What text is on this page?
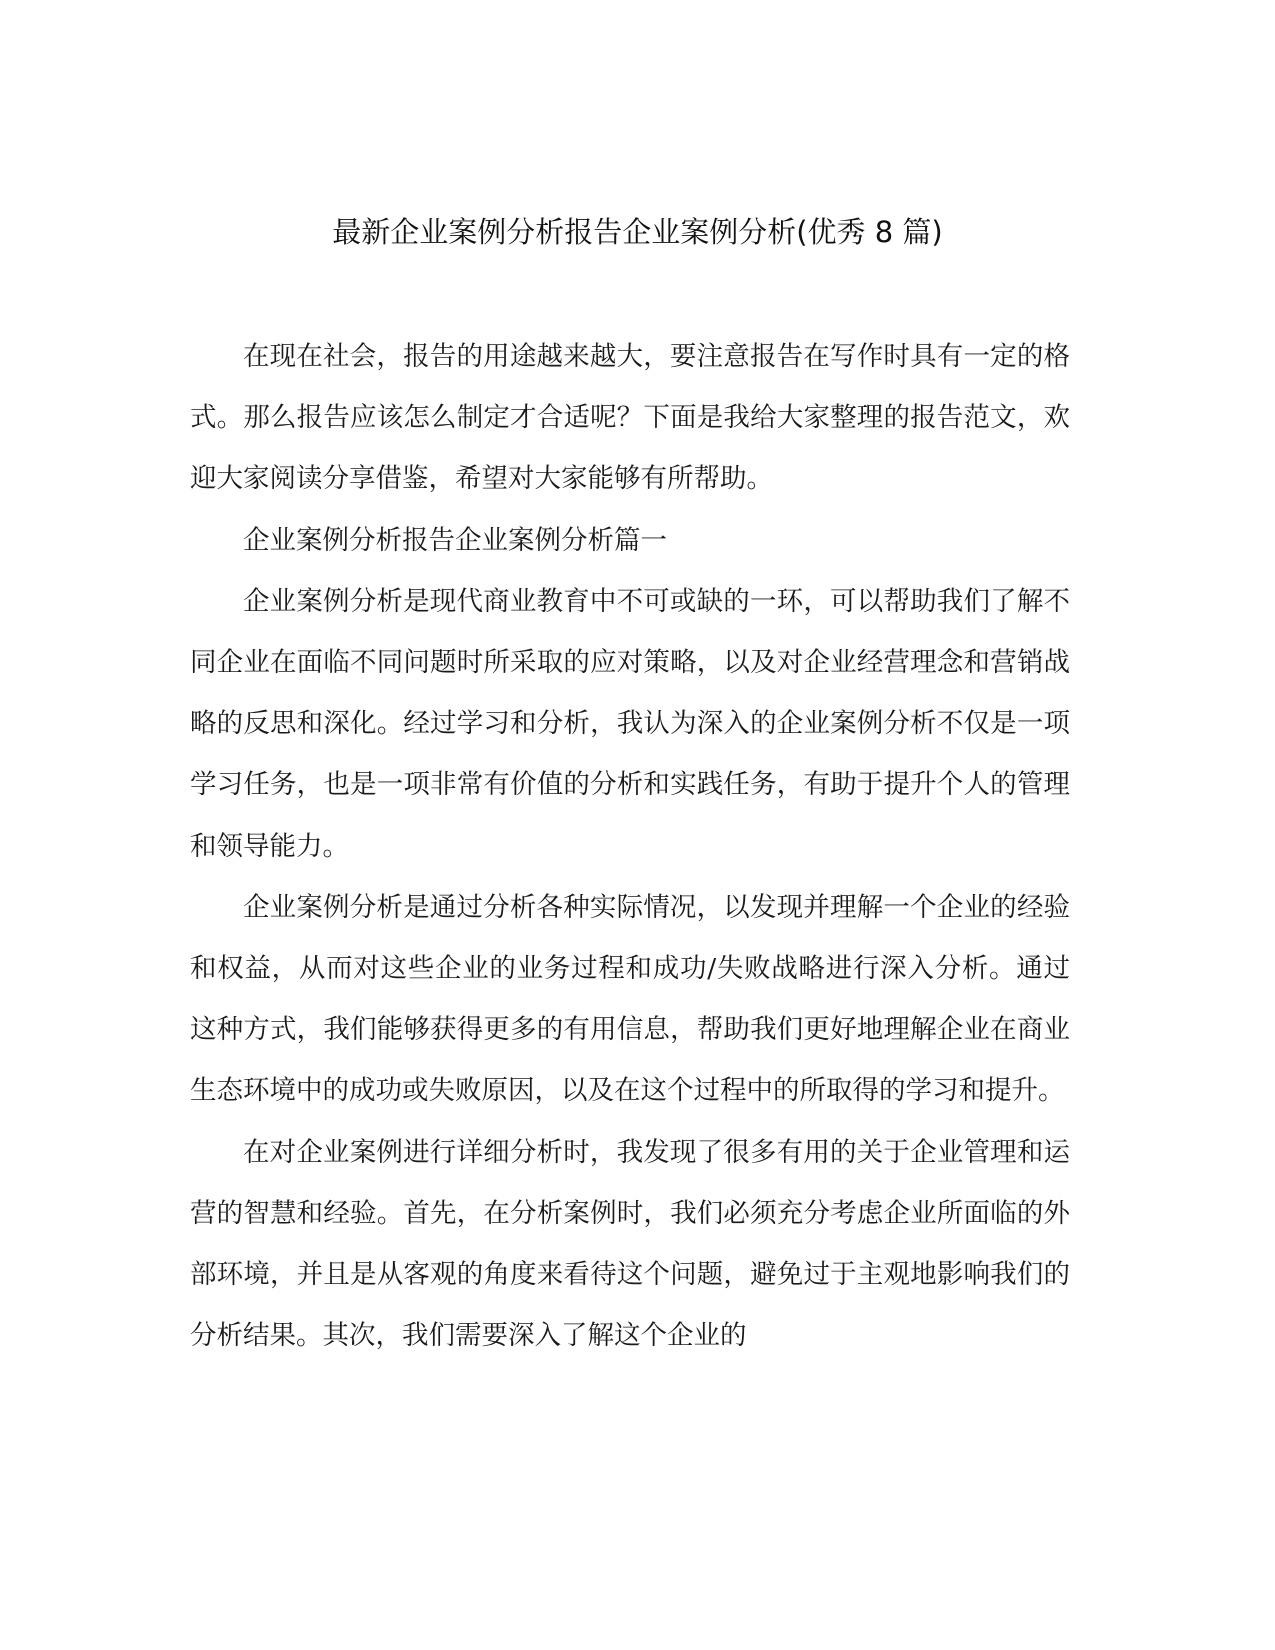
最新企业案例分析报告企业案例分析(优秀 8 篇)

在现在社会，报告的用途越来越大，要注意报告在写作时具有一定的格式。那么报告应该怎么制定才合适呢？下面是我给大家整理的报告范文，欢迎大家阅读分享借鉴，希望对大家能够有所帮助。

企业案例分析报告企业案例分析篇一

企业案例分析是现代商业教育中不可或缺的一环，可以帮助我们了解不同企业在面临不同问题时所采取的应对策略，以及对企业经营理念和营销战略的反思和深化。经过学习和分析，我认为深入的企业案例分析不仅是一项学习任务，也是一项非常有价值的分析和实践任务，有助于提升个人的管理和领导能力。

企业案例分析是通过分析各种实际情况，以发现并理解一个企业的经验和权益，从而对这些企业的业务过程和成功/失败战略进行深入分析。通过这种方式，我们能够获得更多的有用信息，帮助我们更好地理解企业在商业生态环境中的成功或失败原因，以及在这个过程中的所取得的学习和提升。

在对企业案例进行详细分析时，我发现了很多有用的关于企业管理和运营的智慧和经验。首先，在分析案例时，我们必须充分考虑企业所面临的外部环境，并且是从客观的角度来看待这个问题，避免过于主观地影响我们的分析结果。其次，我们需要深入了解这个企业的
